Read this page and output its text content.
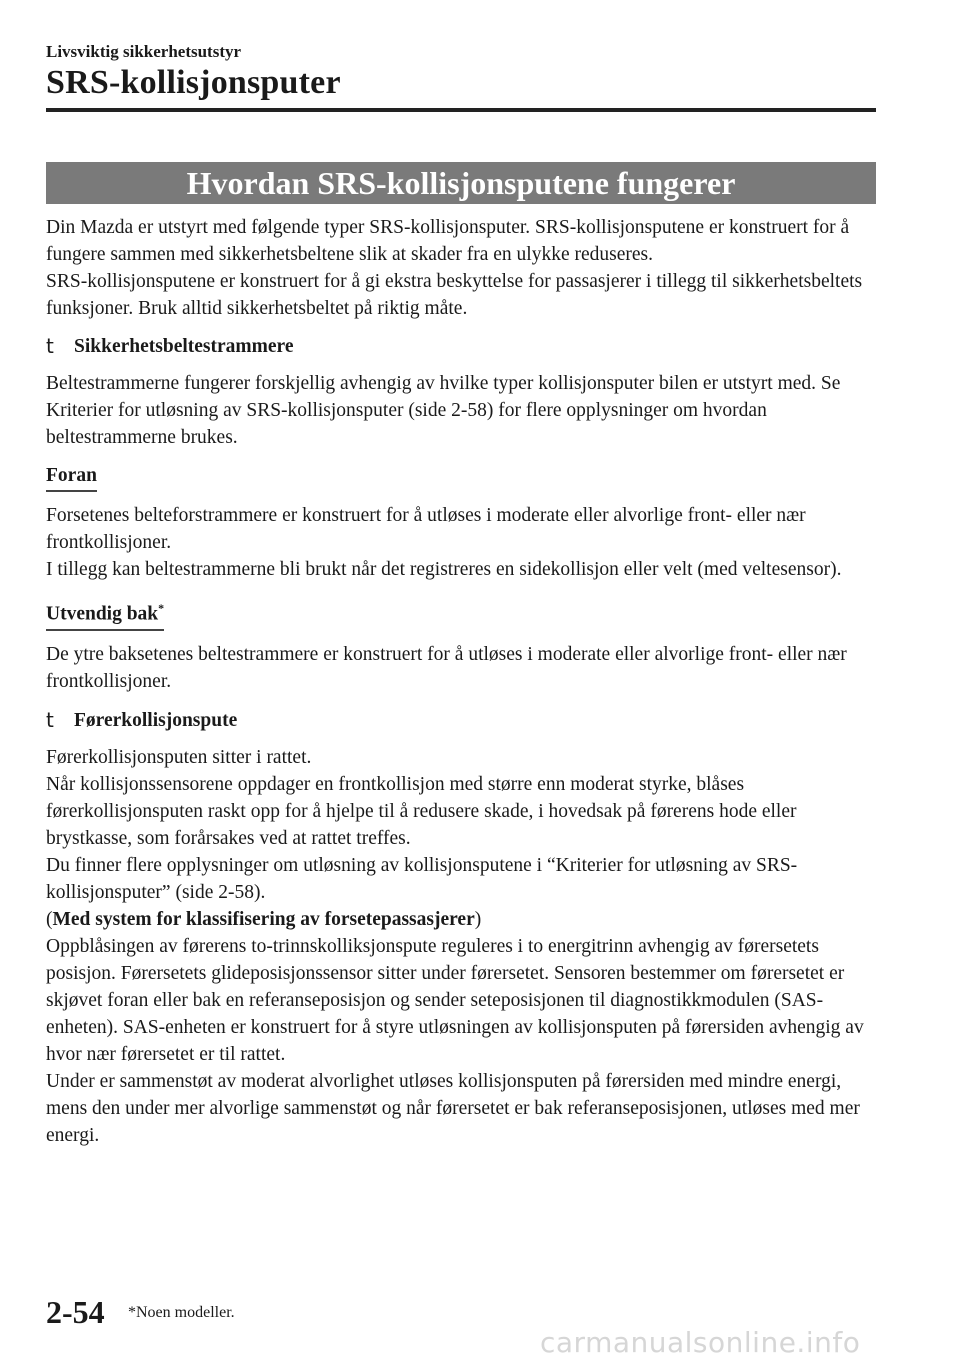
Livsviktig sikkerhetsutstyr
SRS-kollisjonsputer
Hvordan SRS-kollisjonsputene fungerer

Din Mazda er utstyrt med følgende typer SRS-kollisjonsputer. SRS-kollisjonsputene er konstruert for å fungere sammen med sikkerhetsbeltene slik at skader fra en ulykke reduseres.

SRS-kollisjonsputene er konstruert for å gi ekstra beskyttelse for passasjerer i tillegg til sikkerhetsbeltets funksjoner. Bruk alltid sikkerhetsbeltet på riktig måte.

t	Sikkerhetsbeltestrammere

Beltestrammerne fungerer forskjellig avhengig av hvilke typer kollisjonsputer bilen er utstyrt med. Se Kriterier for utløsning av SRS-kollisjonsputer (side 2-58) for flere opplysninger om hvordan beltestrammerne brukes.

Foran

Forsetenes belteforstrammere er konstruert for å utløses i moderate eller alvorlige front- eller nær frontkollisjoner.

I tillegg kan beltestrammerne bli brukt når det registreres en sidekollisjon eller velt (med veltesensor).

Utvendig bak*

De ytre baksetenes beltestrammere er konstruert for å utløses i moderate eller alvorlige front- eller nær frontkollisjoner.

t	Førerkollisjonspute

Førerkollisjonsputen sitter i rattet.

Når kollisjonssensorene oppdager en frontkollisjon med større enn moderat styrke, blåses førerkollisjonsputen raskt opp for å hjelpe til å redusere skade, i hovedsak på førerens hode eller brystkasse, som forårsakes ved at rattet treffes.

Du finner flere opplysninger om utløsning av kollisjonsputene i “Kriterier for utløsning av SRS-kollisjonsputer” (side 2-58).

(Med system for klassifisering av forsetepassasjerer)

Oppblåsingen av førerens to-trinnskolliksjonspute reguleres i to energitrinn avhengig av førersetets posisjon. Førersetets glideposisjonssensor sitter under førersetet. Sensoren bestemmer om førersetet er skjøvet foran eller bak en referanseposisjon og sender seteposisjonen til diagnostikkmodulen (SAS-enheten). SAS-enheten er konstruert for å styre utløsningen av kollisjonsputen på førersiden avhengig av hvor nær førersetet er til rattet.

Under er sammenstøt av moderat alvorlighet utløses kollisjonsputen på førersiden med mindre energi, mens den under mer alvorlige sammenstøt og når førersetet er bak referanseposisjonen, utløses med mer energi.

2-54 *Noen modeller.
carmanualsonline.info
